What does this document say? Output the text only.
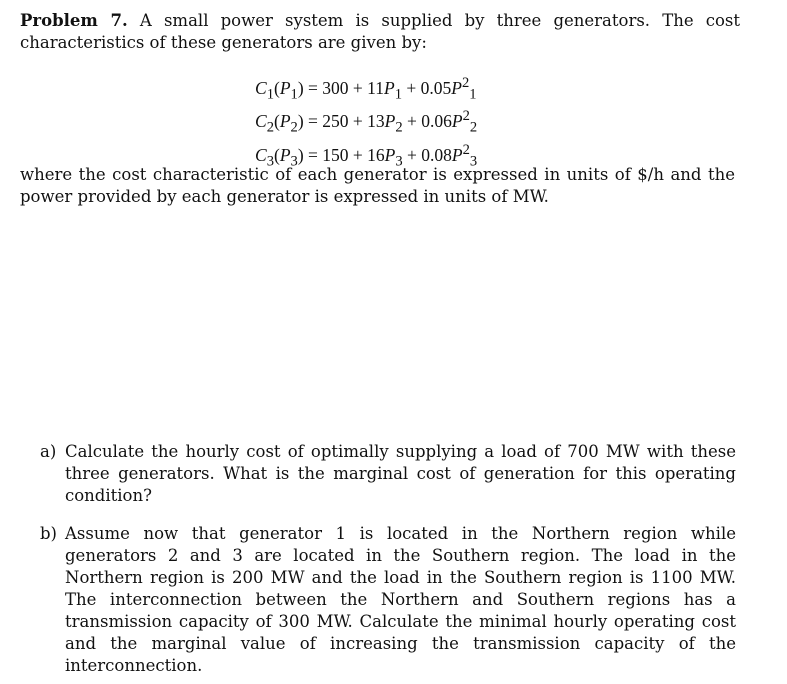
Problem 7. A small power system is supplied by three generators. The cost characteristics of these generators are given by:
$C_1(P_1) = 300 + 11P_1 + 0.05P^2_1$
$C_2(P_2) = 250 + 13P_2 + 0.06P^2_2$
$C_3(P_3) = 150 + 16P_3 + 0.08P^2_3$
where the cost characteristic of each generator is expressed in units of $/h and the power provided by each generator is expressed in units of MW.
a) Calculate the hourly cost of optimally supplying a load of 700 MW with these three generators. What is the marginal cost of generation for this operating condition?
b) Assume now that generator 1 is located in the Northern region while generators 2 and 3 are located in the Southern region. The load in the Northern region is 200 MW and the load in the Southern region is 1100 MW. The interconnection between the Northern and Southern regions has a transmission capacity of 300 MW. Calculate the minimal hourly operating cost and the marginal value of increasing the transmission capacity of the interconnection.
